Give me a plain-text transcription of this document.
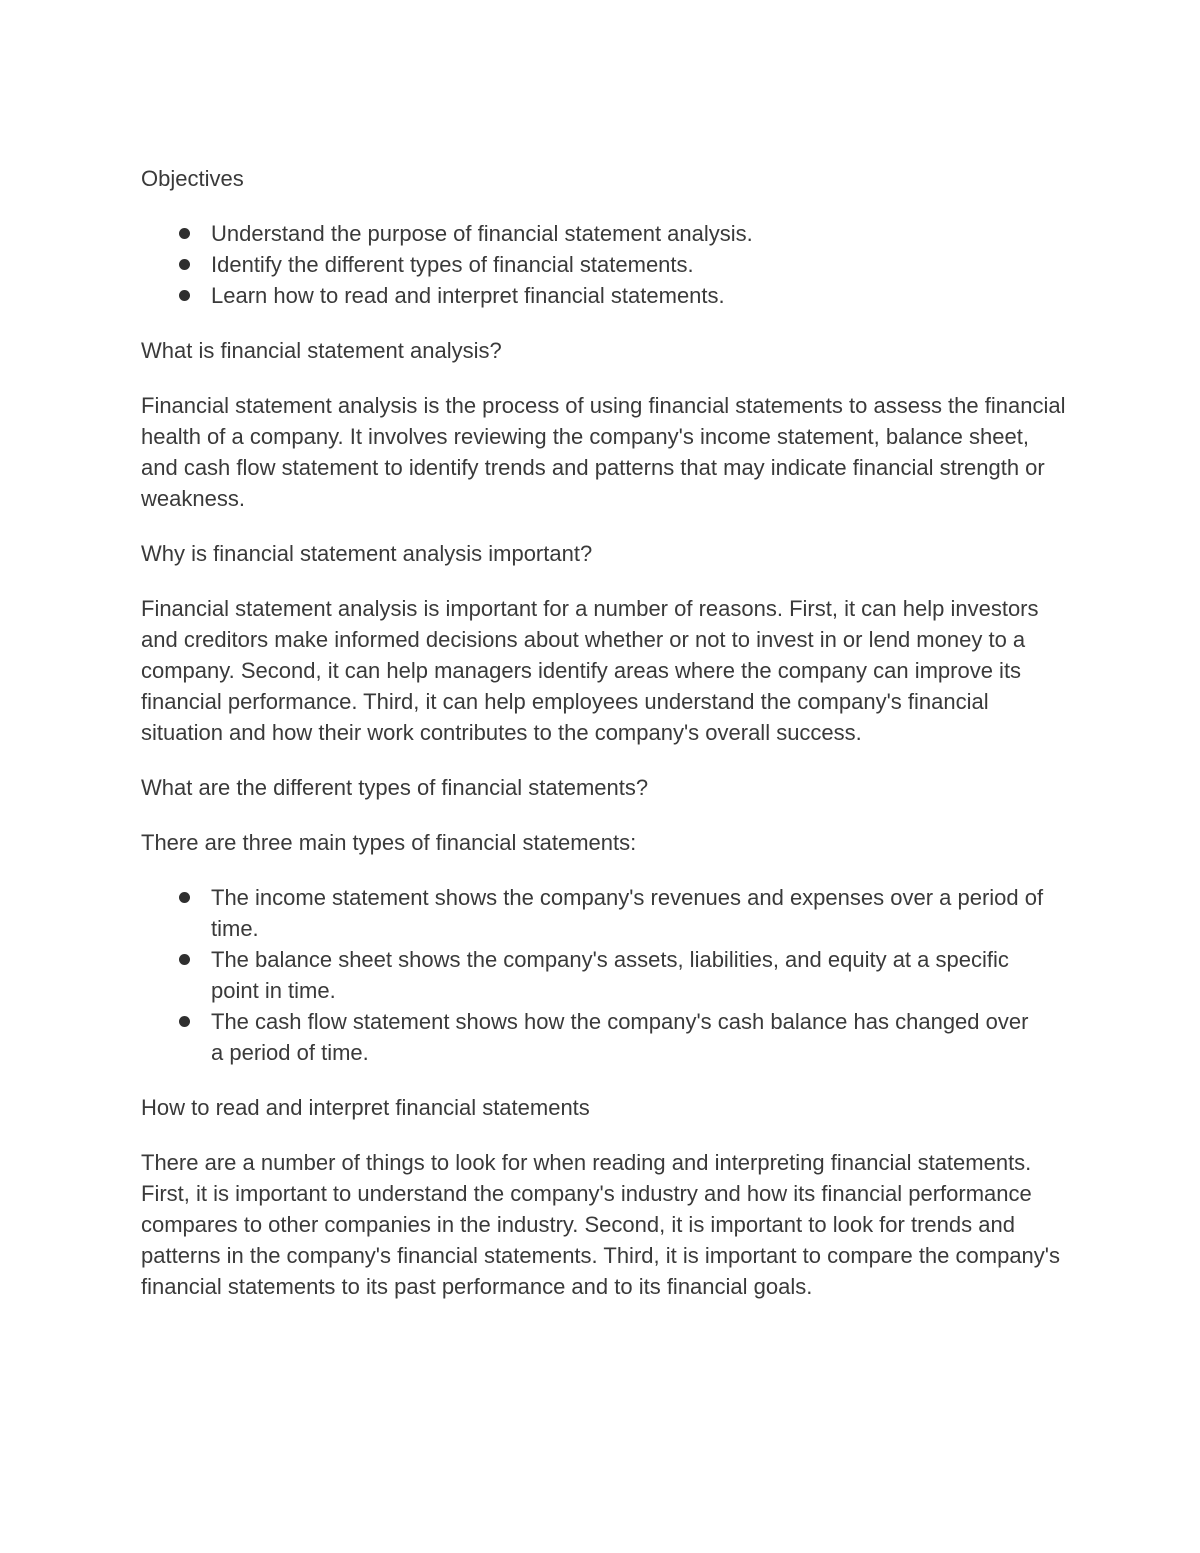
Objectives

Understand the purpose of financial statement analysis.
Identify the different types of financial statements.
Learn how to read and interpret financial statements.

What is financial statement analysis?

Financial statement analysis is the process of using financial statements to assess the financial health of a company. It involves reviewing the company's income statement, balance sheet, and cash flow statement to identify trends and patterns that may indicate financial strength or weakness.

Why is financial statement analysis important?

Financial statement analysis is important for a number of reasons. First, it can help investors and creditors make informed decisions about whether or not to invest in or lend money to a company. Second, it can help managers identify areas where the company can improve its financial performance. Third, it can help employees understand the company's financial situation and how their work contributes to the company's overall success.

What are the different types of financial statements?

There are three main types of financial statements:

The income statement shows the company's revenues and expenses over a period of time.
The balance sheet shows the company's assets, liabilities, and equity at a specific point in time.
The cash flow statement shows how the company's cash balance has changed over a period of time.

How to read and interpret financial statements

There are a number of things to look for when reading and interpreting financial statements. First, it is important to understand the company's industry and how its financial performance compares to other companies in the industry. Second, it is important to look for trends and patterns in the company's financial statements. Third, it is important to compare the company's financial statements to its past performance and to its financial goals.
